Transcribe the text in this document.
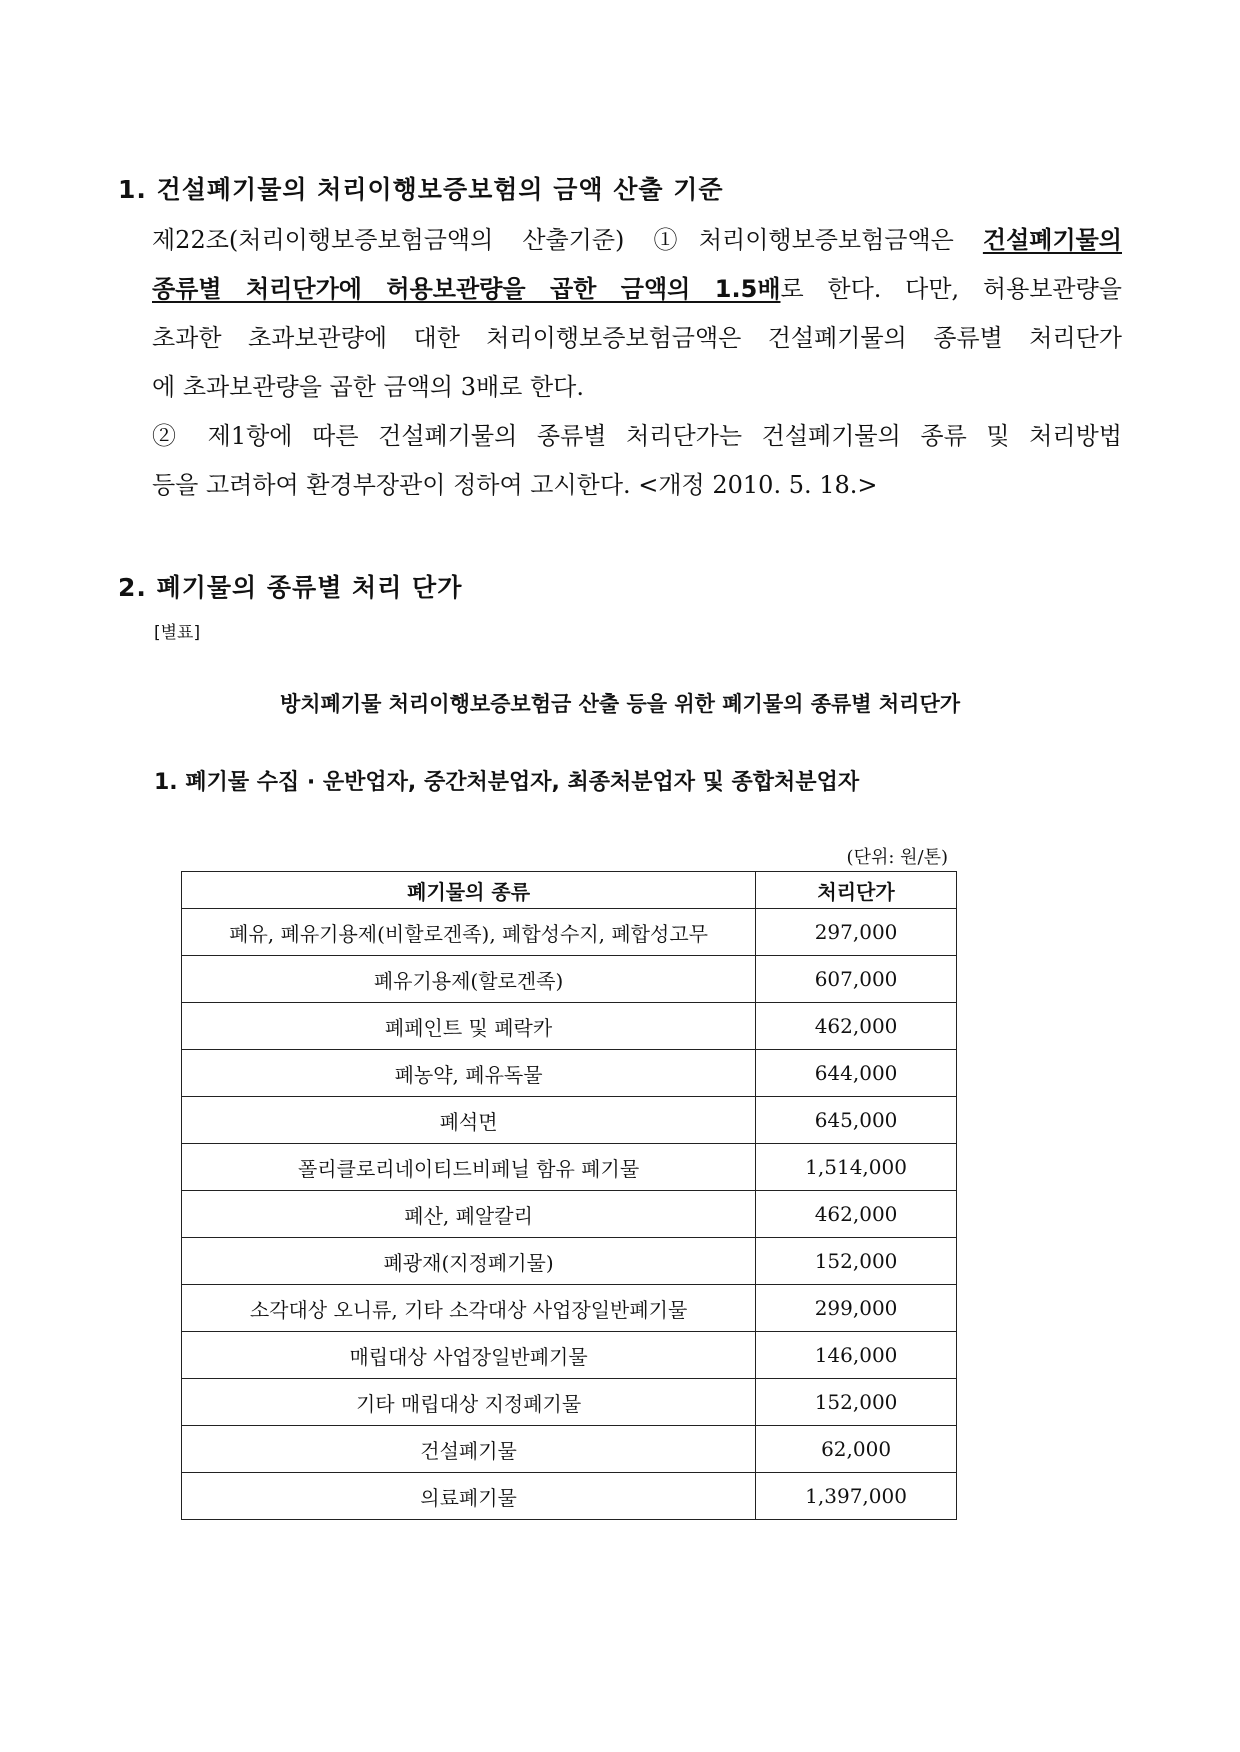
1. 건설폐기물의 처리이행보증보험의 금액 산출 기준
제22조(처리이행보증보험금액의 산출기준) ①처리이행보증보험금액은 건설폐기물의
종류별 처리단가에 허용보관량을 곱한 금액의 1.5배로 한다. 다만, 허용보관량을
초과한 초과보관량에 대한 처리이행보증보험금액은 건설폐기물의 종류별 처리단가
에 초과보관량을 곱한 금액의 3배로 한다.
② 제1항에 따른 건설폐기물의 종류별 처리단가는 건설폐기물의 종류 및 처리방법
등을 고려하여 환경부장관이 정하여 고시한다. <개정 2010. 5. 18.>
2. 폐기물의 종류별 처리 단가
[별표]
방치폐기물 처리이행보증보험금 산출 등을 위한 폐기물의 종류별 처리단가
1. 폐기물 수집 · 운반업자, 중간처분업자, 최종처분업자 및 종합처분업자
(단위: 원/톤)
폐기물의 종류	처리단가
폐유, 폐유기용제(비할로겐족), 폐합성수지, 폐합성고무	297,000
폐유기용제(할로겐족)	607,000
폐페인트 및 폐락카	462,000
폐농약, 폐유독물	644,000
폐석면	645,000
폴리클로리네이티드비페닐 함유 폐기물	1,514,000
폐산, 폐알칼리	462,000
폐광재(지정폐기물)	152,000
소각대상 오니류, 기타 소각대상 사업장일반폐기물	299,000
매립대상 사업장일반폐기물	146,000
기타 매립대상 지정폐기물	152,000
건설폐기물	62,000
의료폐기물	1,397,000
